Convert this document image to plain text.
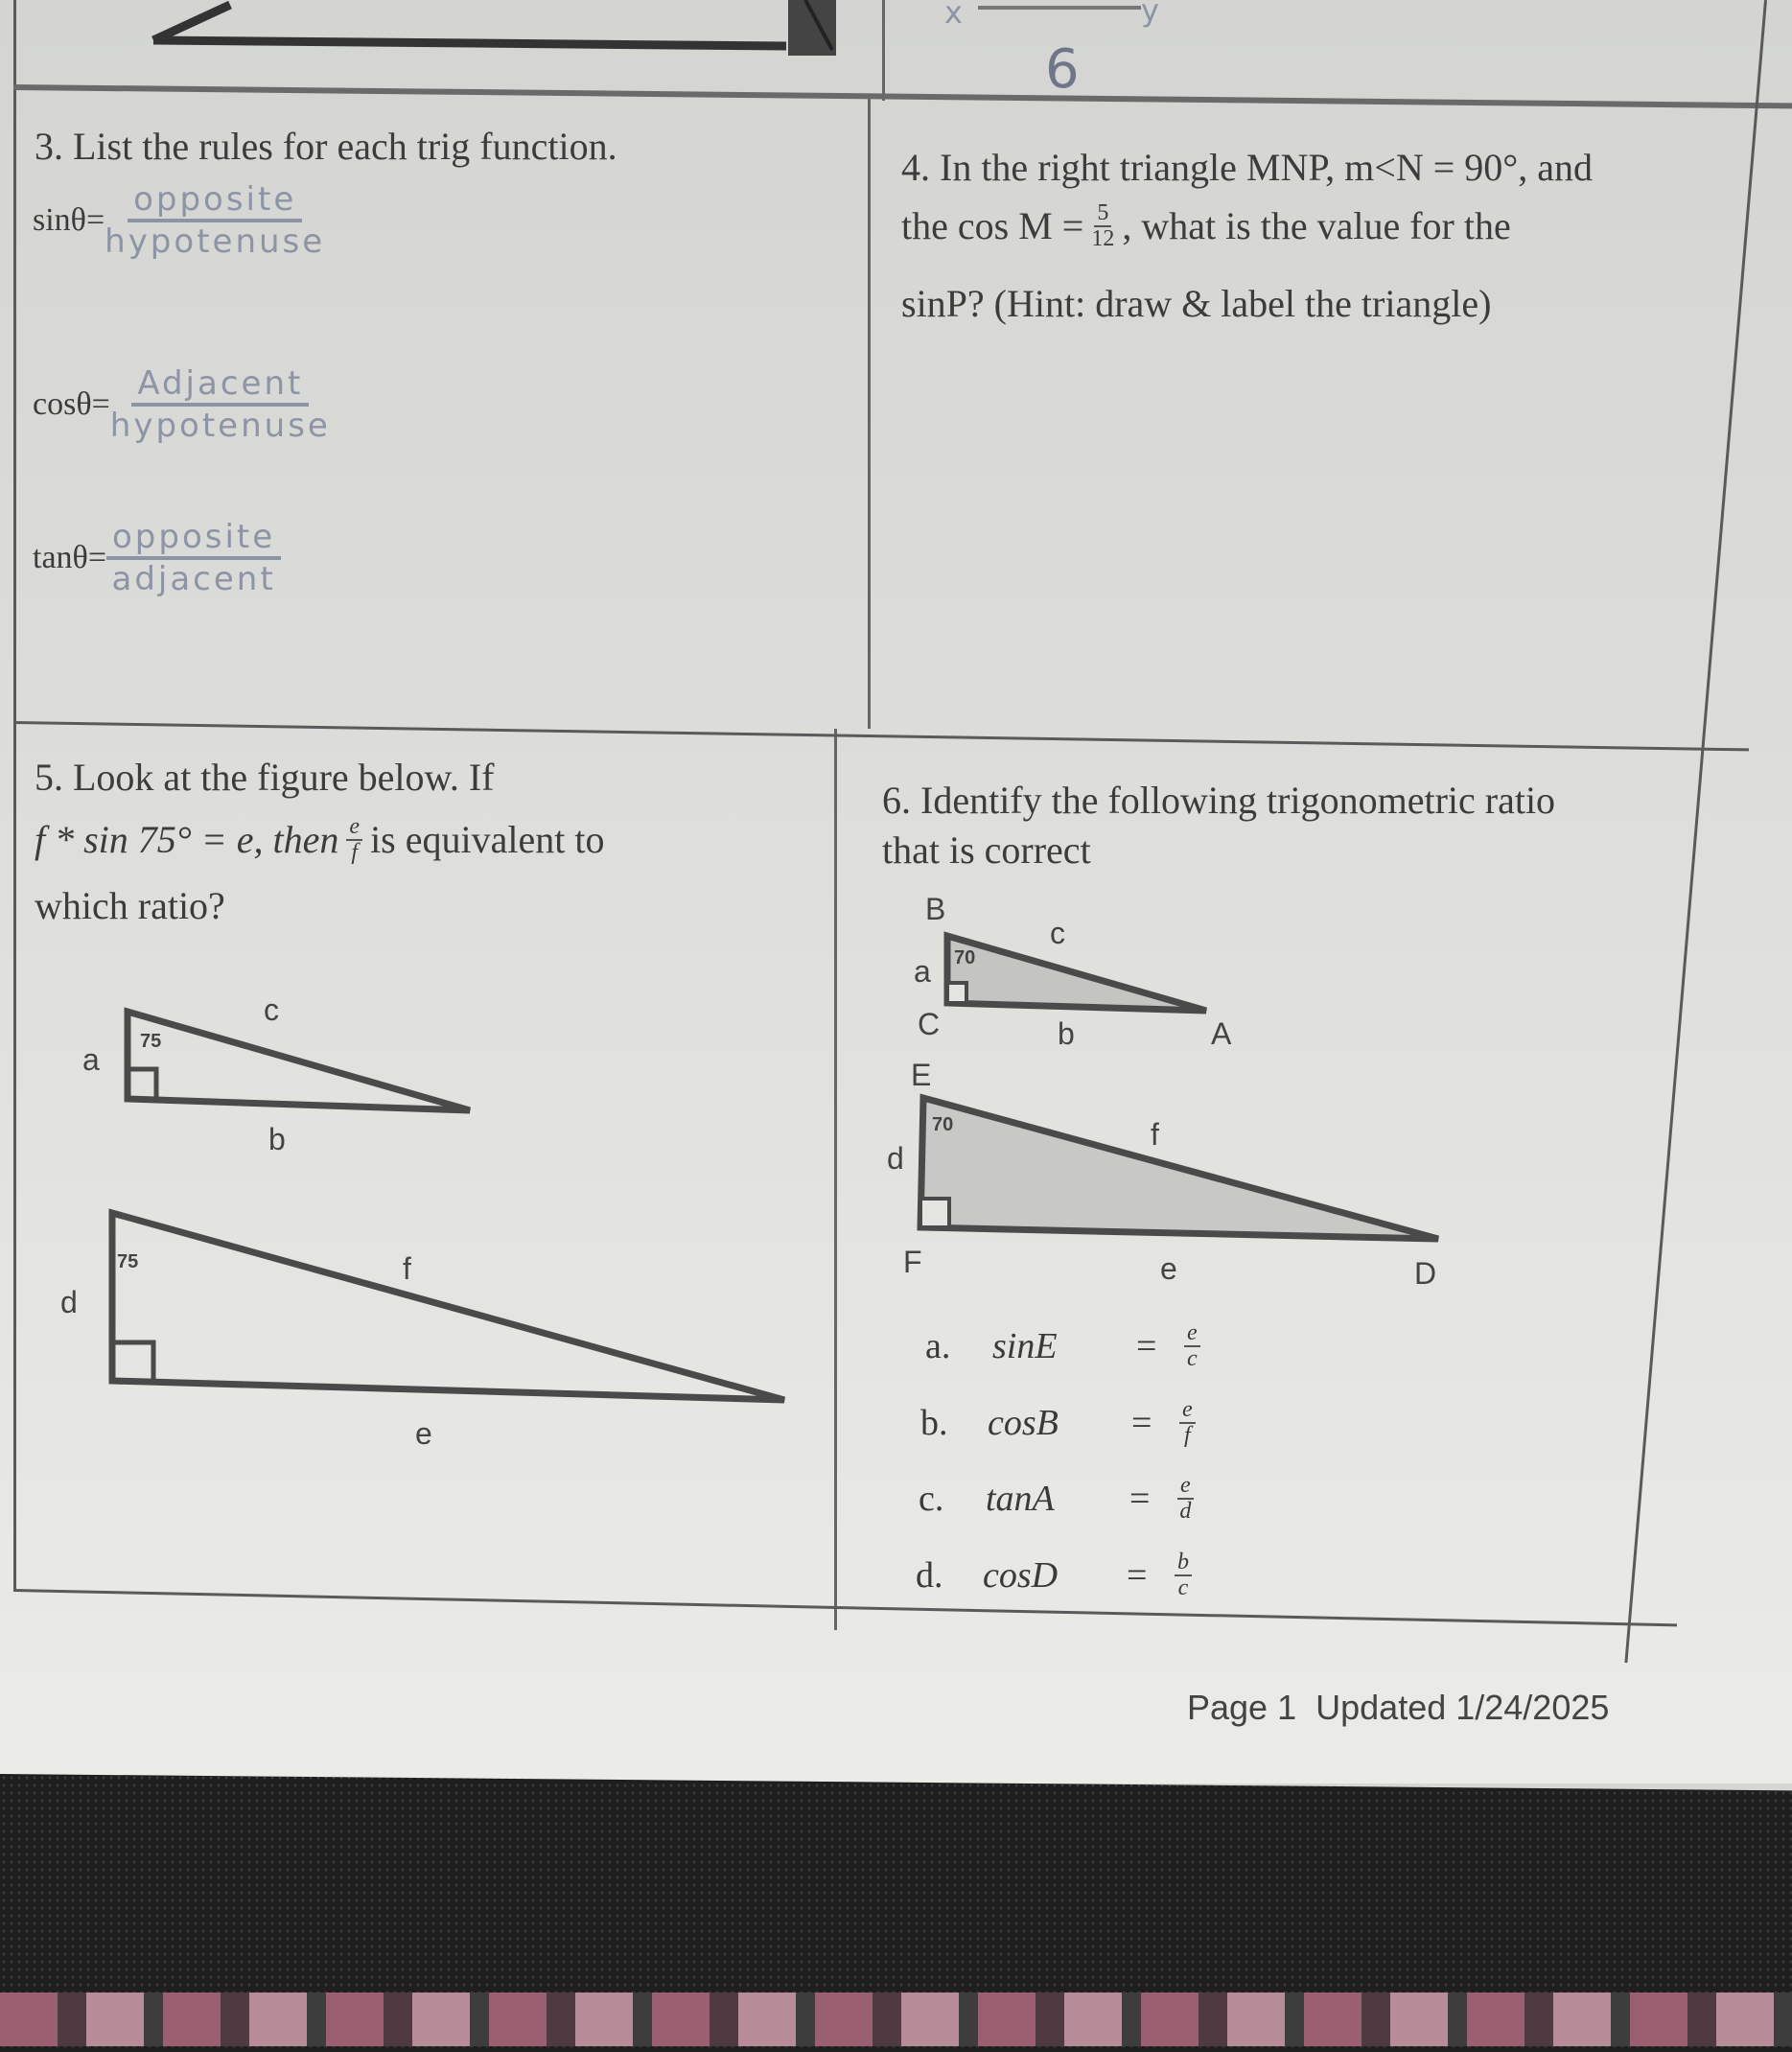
x	y
6
3. List the rules for each trig function.
$\sin\theta= \frac{\text{opposite}}{\text{hypotenuse}}$
$\cos\theta= \frac{\text{Adjacent}}{\text{hypotenuse}}$
$\tan\theta= \frac{\text{opposite}}{\text{adjacent}}$
4. In the right triangle MNP, m<N = 90°, and
the $\cos M = \frac{5}{12}$ , what is the value for the
sinP? (Hint: draw & label the triangle)
5. Look at the figure below. If
f * sin 75° = e, then $\frac{e}{f}$ is equivalent to
which ratio?
75
a
c
b
75
d
f
e
6. Identify the following trigonometric ratio
that is correct
B
a 70
c
C	b	A
E
70
d
f
F	e	D
a.	sinE	=	$\frac{e}{c}$
b.	cosB	=	$\frac{e}{f}$
c.	tanA	=	$\frac{e}{d}$
d.	cosD	=	$\frac{b}{c}$
Page 1 Updated 1/24/2025
